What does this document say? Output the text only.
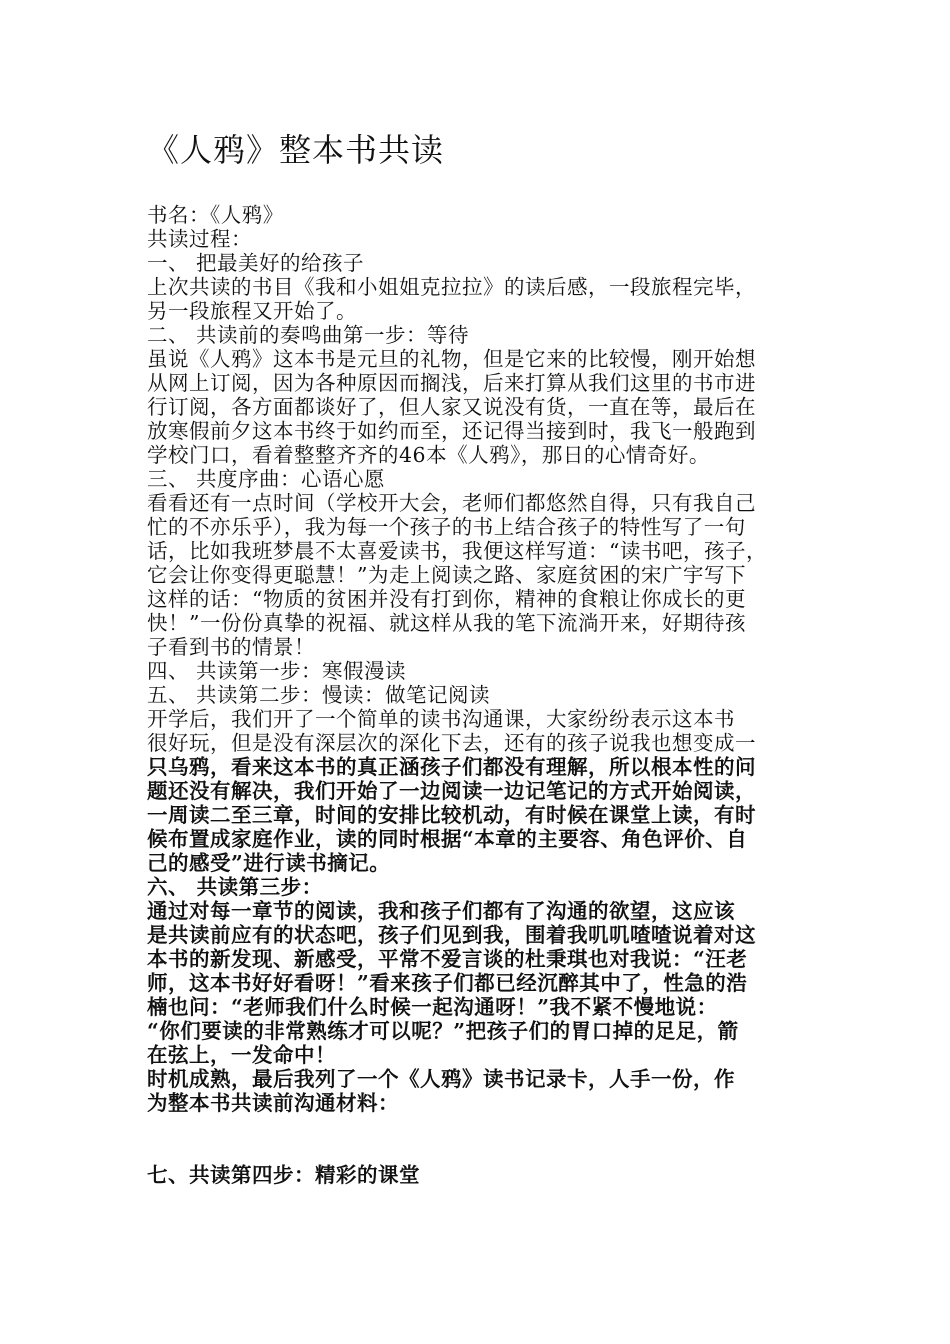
《人鸦》整本书共读
书名：《人鸦》
共读过程：
一、 把最美好的给孩子
上次共读的书目《我和小姐姐克拉拉》的读后感，一段旅程完毕，
另一段旅程又开始了。
二、 共读前的奏鸣曲第一步：等待
虽说《人鸦》这本书是元旦的礼物，但是它来的比较慢，刚开始想
从网上订阅，因为各种原因而搁浅，后来打算从我们这里的书市进
行订阅，各方面都谈好了，但人家又说没有货，一直在等，最后在
放寒假前夕这本书终于如约而至，还记得当接到时，我飞一般跑到
学校门口，看着整整齐齐的46本《人鸦》，那日的心情奇好。
三、 共度序曲：心语心愿
看看还有一点时间（学校开大会，老师们都悠然自得，只有我自己
忙的不亦乐乎），我为每一个孩子的书上结合孩子的特性写了一句
话，比如我班梦晨不太喜爱读书，我便这样写道：“读书吧，孩子，
它会让你变得更聪慧！”为走上阅读之路、家庭贫困的宋广宇写下
这样的话：“物质的贫困并没有打到你，精神的食粮让你成长的更
快！”一份份真挚的祝福、就这样从我的笔下流淌开来，好期待孩
子看到书的情景！
四、 共读第一步：寒假漫读
五、 共读第二步：慢读：做笔记阅读
开学后，我们开了一个简单的读书沟通课，大家纷纷表示这本书
很好玩，但是没有深层次的深化下去，还有的孩子说我也想变成一
只乌鸦，看来这本书的真正涵孩子们都没有理解，所以根本性的问
题还没有解决，我们开始了一边阅读一边记笔记的方式开始阅读，
一周读二至三章，时间的安排比较机动，有时候在课堂上读，有时
候布置成家庭作业，读的同时根据“本章的主要容、角色评价、自
己的感受”进行读书摘记。
六、 共读第三步：
通过对每一章节的阅读，我和孩子们都有了沟通的欲望，这应该
是共读前应有的状态吧，孩子们见到我，围着我叽叽喳喳说着对这
本书的新发现、新感受，平常不爱言谈的杜秉琪也对我说：“汪老
师，这本书好好看呀！”看来孩子们都已经沉醉其中了，性急的浩
楠也问：“老师我们什么时候一起沟通呀！”我不紧不慢地说：
“你们要读的非常熟练才可以呢？”把孩子们的胃口掉的足足，箭
在弦上，一发命中！
时机成熟，最后我列了一个《人鸦》读书记录卡，人手一份，作
为整本书共读前沟通材料：
七、共读第四步：精彩的课堂
